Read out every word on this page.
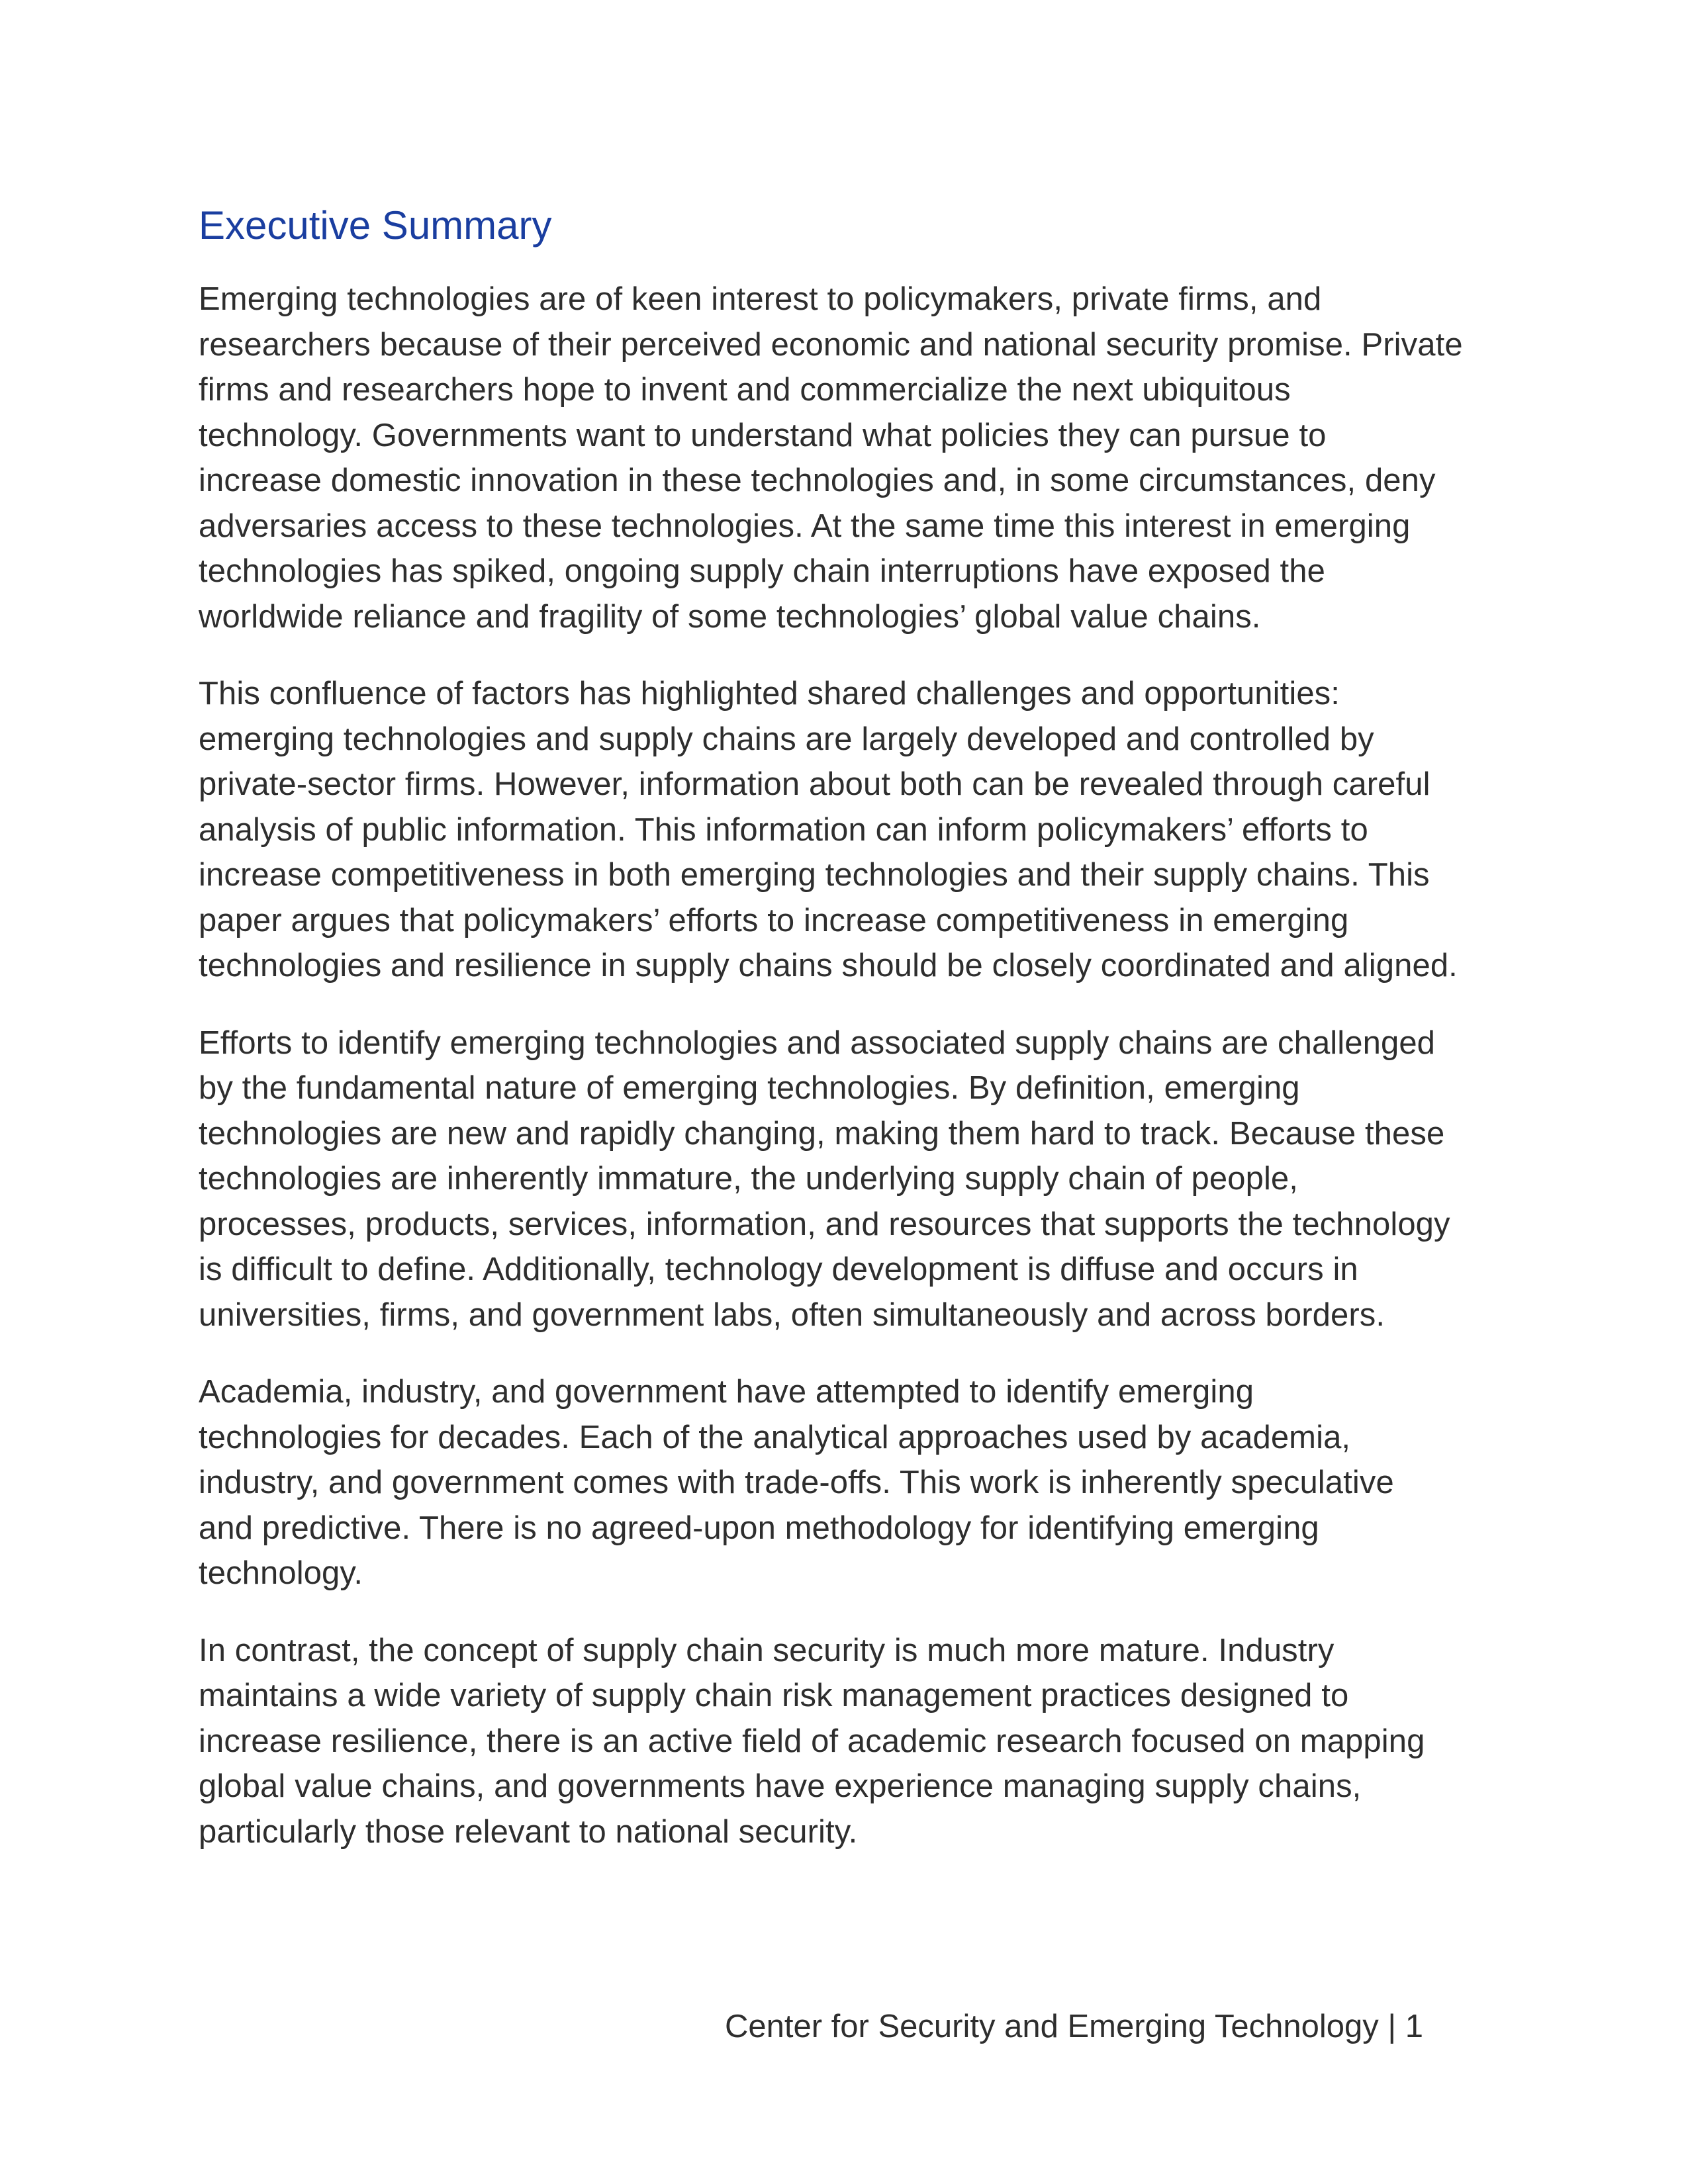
Executive Summary

Emerging technologies are of keen interest to policymakers, private firms, and
researchers because of their perceived economic and national security promise. Private
firms and researchers hope to invent and commercialize the next ubiquitous
technology. Governments want to understand what policies they can pursue to
increase domestic innovation in these technologies and, in some circumstances, deny
adversaries access to these technologies. At the same time this interest in emerging
technologies has spiked, ongoing supply chain interruptions have exposed the
worldwide reliance and fragility of some technologies’ global value chains.

This confluence of factors has highlighted shared challenges and opportunities:
emerging technologies and supply chains are largely developed and controlled by
private-sector firms. However, information about both can be revealed through careful
analysis of public information. This information can inform policymakers’ efforts to
increase competitiveness in both emerging technologies and their supply chains. This
paper argues that policymakers’ efforts to increase competitiveness in emerging
technologies and resilience in supply chains should be closely coordinated and aligned.

Efforts to identify emerging technologies and associated supply chains are challenged
by the fundamental nature of emerging technologies. By definition, emerging
technologies are new and rapidly changing, making them hard to track. Because these
technologies are inherently immature, the underlying supply chain of people,
processes, products, services, information, and resources that supports the technology
is difficult to define. Additionally, technology development is diffuse and occurs in
universities, firms, and government labs, often simultaneously and across borders.

Academia, industry, and government have attempted to identify emerging
technologies for decades. Each of the analytical approaches used by academia,
industry, and government comes with trade-offs. This work is inherently speculative
and predictive. There is no agreed-upon methodology for identifying emerging
technology.

In contrast, the concept of supply chain security is much more mature. Industry
maintains a wide variety of supply chain risk management practices designed to
increase resilience, there is an active field of academic research focused on mapping
global value chains, and governments have experience managing supply chains,
particularly those relevant to national security.

Center for Security and Emerging Technology | 1
